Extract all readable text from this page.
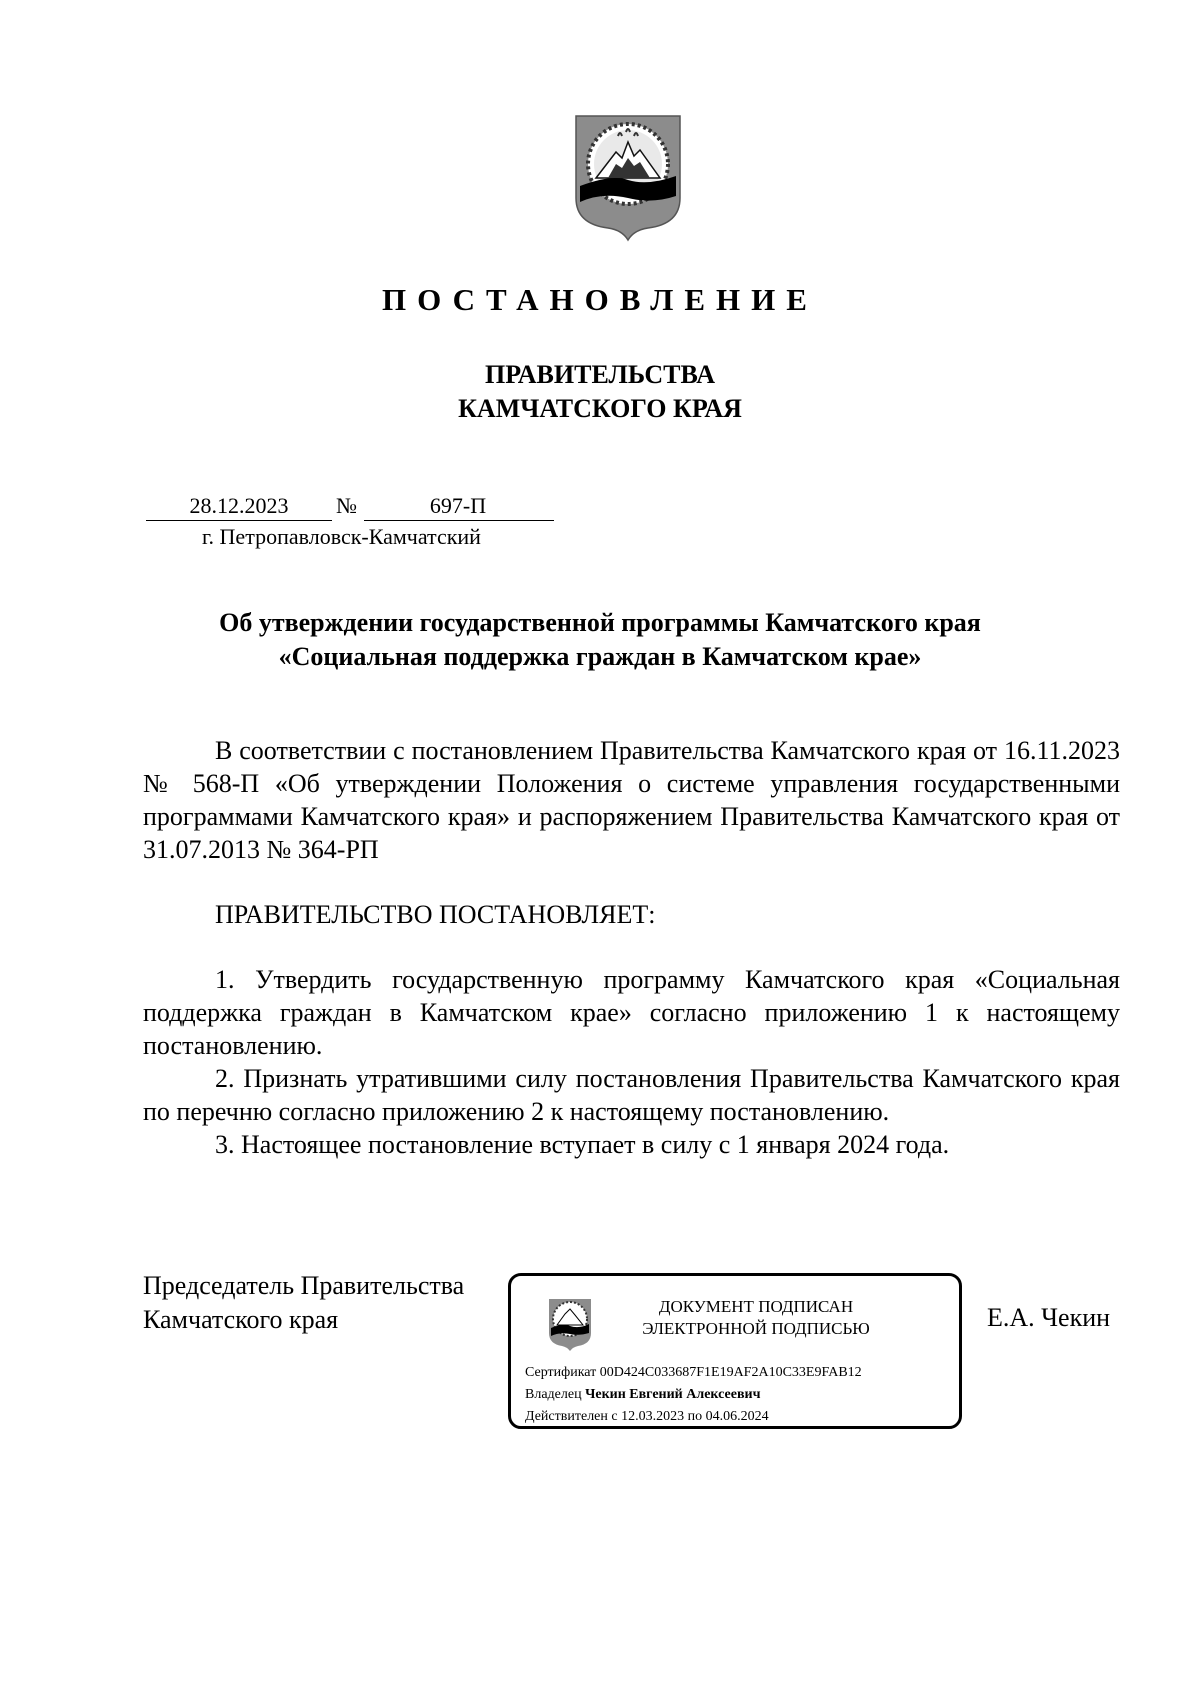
ПОСТАНОВЛЕНИЕ
ПРАВИТЕЛЬСТВА
КАМЧАТСКОГО КРАЯ
28.12.2023	№	697-П
г. Петропавловск-Камчатский
Об утверждении государственной программы Камчатского края
«Социальная поддержка граждан в Камчатском крае»
В соответствии с постановлением Правительства Камчатского края от 16.11.2023 № 568-П «Об утверждении Положения о системе управления государственными программами Камчатского края» и распоряжением Правительства Камчатского края от 31.07.2013 № 364-РП
ПРАВИТЕЛЬСТВО ПОСТАНОВЛЯЕТ:

1. Утвердить государственную программу Камчатского края «Социальная поддержка граждан в Камчатском крае» согласно приложению 1 к настоящему постановлению.

2. Признать утратившими силу постановления Правительства Камчатского края по перечню согласно приложению 2 к настоящему постановлению.

3. Настоящее постановление вступает в силу с 1 января 2024 года.

Председатель Правительства
Камчатского края	Е.А. Чекин
ДОКУМЕНТ ПОДПИСАН
ЭЛЕКТРОННОЙ ПОДПИСЬЮ
Сертификат 00D424C033687F1E19AF2A10C33E9FAB12
Владелец Чекин Евгений Алексеевич
Действителен с 12.03.2023 по 04.06.2024
